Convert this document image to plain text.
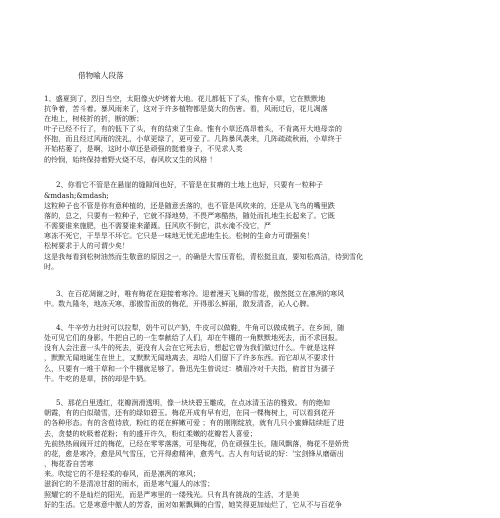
借物喻人段落
1、盛夏到了，烈日当空，太阳像火炉烤着大地。花儿都低下了头，惟有小草，它在默默地
抗争着，苦斗着。暴风雨来了，这对于许多植物都是莫大的伤害。看，风雨过后，花儿凋落
在地上，树枝折的折，断的断；
叶子已经不行了，有的低下了头，有的结束了生命。惟有小草还高昂着头，不肯离开大地母亲的
怀抱，而且经过风雨的洗礼，小草更绿了，更可爱了。几阵暴风袭来，几阵疏疏秋雨，小草终于
开始枯萎了，是啊，这时小草还是顽强的挺着身子，不见求人类
的怜悯，始终保持着野火烧不尽，春风吹又生的风格 ！
2、你看它不管是在悬崖的缝隙间也好，不管是在贫瘠的土地上也好，只要有一粒种子
&mdash;&mdash;
这粒种子也不管是你有意种植的，还是随意丢落的，也不管是风吹来的，还是从飞鸟的嘴里跌
落的，总之，只要有一粒种子，它就不择地势，不畏严寒酷热，随处而扎地生长起来了。它既
不需要谁来施肥，也不需要谁来灌溉。狂风吹不倒它，洪水淹不没它，严
寒冻不死它，干旱旱不坏它。它只是一味地无忧无虑地生长。松树的生命力可谓强矣！
松树要求于人的可谓少矣！
这是我每看到松树油然而生敬意的原因之一，的确是大雪压青松，青松挺且直，要知松高洁，待到雪化
时。
3、在百花凋谢之时，唯有梅花在迎接着寒冷。迎着漫天飞舞的雪花，傲然挺立在凛冽的寒风
中。数九隆冬，地冻天寒，那傲雪而放的梅花，开得那么鲜丽，散发清香，沁人心脾。
4、牛辛劳力壮时可以拉犁，奶牛可以产奶，牛皮可以做鞋，牛角可以做成梳子。在乡间，随
处可见它们的身影。牛把自己的一生奉献给了人们，却在牛棚的一角默默地死去，而不求回报。
没有人会注意一头牛的死去，更没有人会在它死去后，想起它曾为我们做过什么。牛就是这样
，默默无闻地诞生在世上，又默默无闻地离去，却给人们留下了许多东西。而它却从不要求什
么，只要有一堆干草和一个牛棚就足够了。鲁迅先生曾说过：横眉冷对千夫指，俯首甘为孺子
牛。牛吃的是草，挤的却是牛奶。
5、那花白里透红，花瓣润滑透明，像一块块碧玉雕成，在点冰清玉洁的雅致。有的绝如
朝霞，有的白似瑞雪，还有的绿如碧玉。梅花开成有早有迟，在同一棵梅树上，可以看到花开
的各种形态。有的含苞待放，粉红的花在鲜嫩可爱 ；有的刚刚绽放，就有几只小蜜蜂陆续赶了进
去，贪婪的吮吸着花粉；有的盛开许久，粉红柔嫩的花瓣若人喜爱；
先前热热闹闹开过的梅花，已经在零零落落，可是梅花，仍在顽强生长，随风飘落，梅花不是娇贵
的花，愈是寒冷，愈是风气雪压，它开得愈精神，愈秀气。古人有句话说的好：'宝剑锋从磨砺出
，梅花香自苦寒
来。吹绽它的不是轻柔的春风，而是凛冽的寒风；
滋润它的不是清凉甘甜的雨水，而是寒气逼人的冰雪；
照耀它的不是灿烂的阳光，而是严寒里的一缕残光。只有具有挑战的生活，才是美
好的生活。它是寒意中傲人的芳香，面对如絮飘舞的白雪，她笑得更加灿烂了，它从不与百花争
